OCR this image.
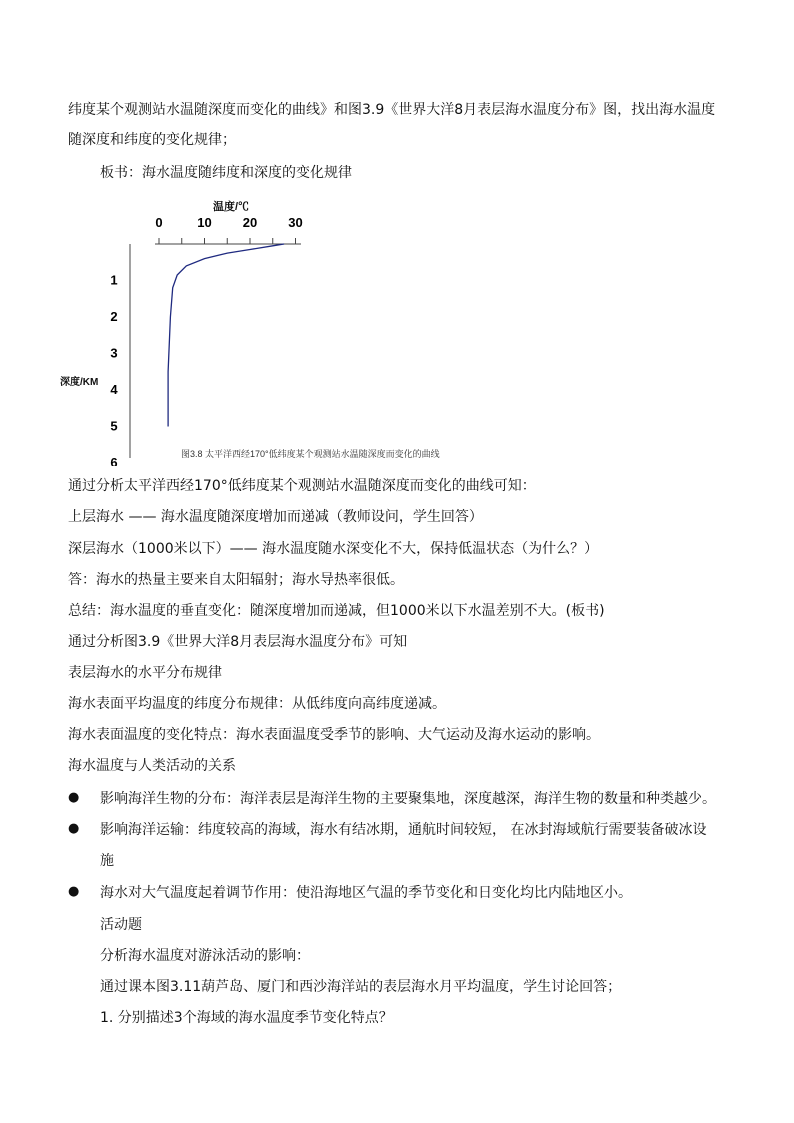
纬度某个观测站水温随深度而变化的曲线》和图3.9《世界大洋8月表层海水温度分布》图，找出海水温度
随深度和纬度的变化规律；
板书：海水温度随纬度和深度的变化规律
温度/℃
0	10 20 30
深度/KM
1
2
3
4
5
6
图3.8 太平洋西经170°低纬度某个观测站水温随深度而变化的曲线
通过分析太平洋西经170°低纬度某个观测站水温随深度而变化的曲线可知：
上层海水 —— 海水温度随深度增加而递减（教师设问，学生回答）
深层海水（1000米以下）—— 海水温度随水深变化不大，保持低温状态（为什么？）
答：海水的热量主要来自太阳辐射；海水导热率很低。
总结：海水温度的垂直变化：随深度增加而递减，但1000米以下水温差别不大。(板书)
通过分析图3.9《世界大洋8月表层海水温度分布》可知
表层海水的水平分布规律
海水表面平均温度的纬度分布规律：从低纬度向高纬度递减。
海水表面温度的变化特点：海水表面温度受季节的影响、大气运动及海水运动的影响。
海水温度与人类活动的关系
● 影响海洋生物的分布：海洋表层是海洋生物的主要聚集地，深度越深，海洋生物的数量和种类越少。
● 影响海洋运输：纬度较高的海域，海水有结冰期，通航时间较短， 在冰封海域航行需要装备破冰设
施
● 海水对大气温度起着调节作用：使沿海地区气温的季节变化和日变化均比内陆地区小。
活动题
分析海水温度对游泳活动的影响：
通过课本图3.11葫芦岛、厦门和西沙海洋站的表层海水月平均温度，学生讨论回答；
1. 分别描述3个海域的海水温度季节变化特点？
